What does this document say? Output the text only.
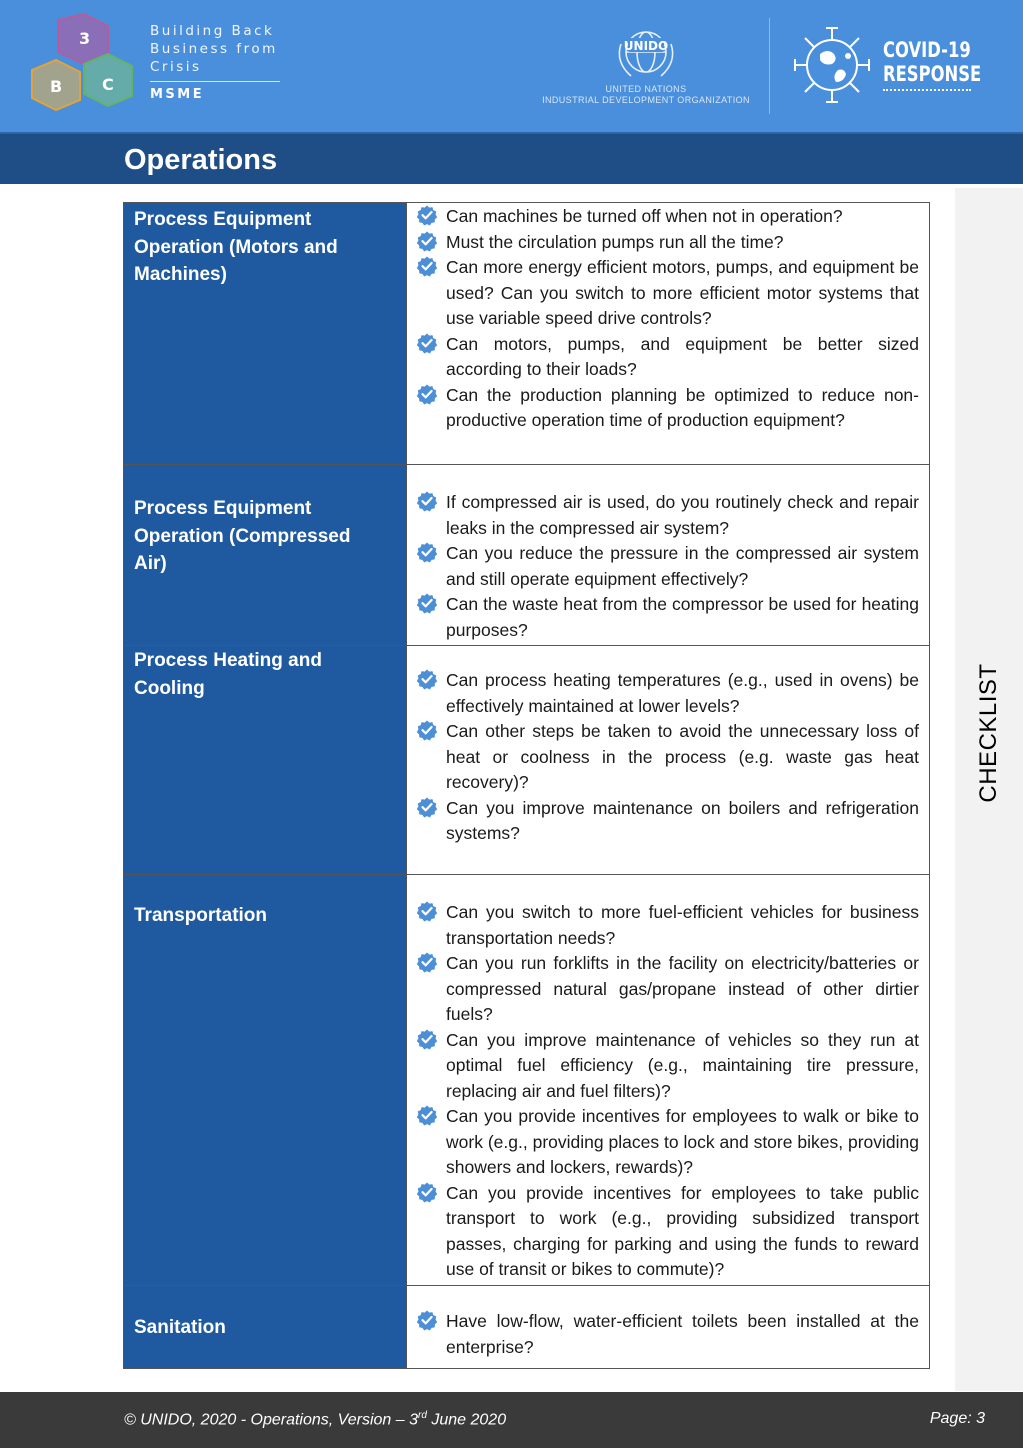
3
B C
Building Back
Business from
Crisis
MSME
UNIDO
UNITED NATIONS
INDUSTRIAL DEVELOPMENT ORGANIZATION
COVID-19
RESPONSE
Operations
CHECKLIST
Process Equipment Operation (Motors and Machines)	Can machines be turned off when not in operation?
Must the circulation pumps run all the time?
Can more energy efficient motors, pumps, and equipment be used? Can you switch to more efficient motor systems that use variable speed drive controls?
Can motors, pumps, and equipment be better sized according to their loads?
Can the production planning be optimized to reduce non-productive operation time of production equipment?

Process Equipment Operation (Compressed Air)	If compressed air is used, do you routinely check and repair leaks in the compressed air system?
Can you reduce the pressure in the compressed air system and still operate equipment effectively?
Can the waste heat from the compressor be used for heating purposes?

Process Heating and Cooling	Can process heating temperatures (e.g., used in ovens) be effectively maintained at lower levels?
Can other steps be taken to avoid the unnecessary loss of heat or coolness in the process (e.g. waste gas heat recovery)?
Can you improve maintenance on boilers and refrigeration systems?

Transportation	Can you switch to more fuel-efficient vehicles for business transportation needs?
Can you run forklifts in the facility on electricity/batteries or compressed natural gas/propane instead of other dirtier fuels?
Can you improve maintenance of vehicles so they run at optimal fuel efficiency (e.g., maintaining tire pressure, replacing air and fuel filters)?
Can you provide incentives for employees to walk or bike to work (e.g., providing places to lock and store bikes, providing showers and lockers, rewards)?
Can you provide incentives for employees to take public transport to work (e.g., providing subsidized transport passes, charging for parking and using the funds to reward use of transit or bikes to commute)?

Sanitation	Have low-flow, water-efficient toilets been installed at the enterprise?
© UNIDO, 2020 - Operations, Version – 3rd June 2020	Page: 3
